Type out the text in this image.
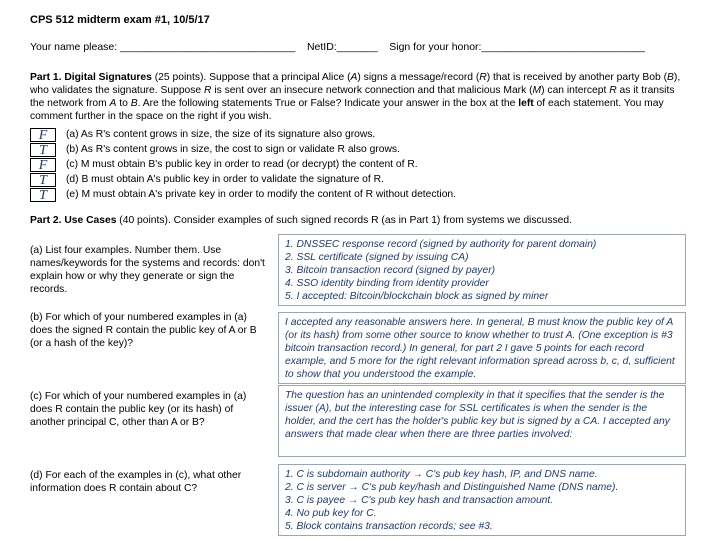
CPS 512 midterm exam #1, 10/5/17
Your name please: ______________________________    NetID:_______    Sign for your honor:____________________________
Part 1. Digital Signatures (25 points). Suppose that a principal Alice (A) signs a message/record (R) that is received by another party Bob (B), who validates the signature. Suppose R is sent over an insecure network connection and that malicious Mark (M) can intercept R as it transits the network from A to B. Are the following statements True or False? Indicate your answer in the box at the left of each statement. You may comment further in the space on the right if you wish.
F	(a) As R's content grows in size, the size of its signature also grows.
T	(b) As R's content grows in size, the cost to sign or validate R also grows.
F	(c) M must obtain B's public key in order to read (or decrypt) the content of R.
T	(d) B must obtain A's public key in order to validate the signature of R.
T	(e) M must obtain A's private key in order to modify the content of R without detection.
Part 2. Use Cases (40 points). Consider examples of such signed records R (as in Part 1) from systems we discussed.
(a) List four examples. Number them. Use names/keywords for the systems and records: don't explain how or why they generate or sign the records.
1. DNSSEC response record (signed by authority for parent domain)
2. SSL certificate (signed by issuing CA)
3. Bitcoin transaction record (signed by payer)
4. SSO identity binding from identity provider
5. I accepted: Bitcoin/blockchain block as signed by miner
(b) For which of your numbered examples in (a) does the signed R contain the public key of A or B (or a hash of the key)?
I accepted any reasonable answers here. In general, B must know the public key of A (or its hash) from some other source to know whether to trust A. (One exception is #3 bitcoin transaction record.) In general, for part 2 I gave 5 points for each record example, and 5 more for the right relevant information spread across b, c, d, sufficient to show that you understood the example.
(c) For which of your numbered examples in (a) does R contain the public key (or its hash) of another principal C, other than A or B?
The question has an unintended complexity in that it specifies that the sender is the issuer (A), but the interesting case for SSL certificates is when the sender is the holder, and the cert has the holder's public key but is signed by a CA. I accepted any answers that made clear when there are three parties involved:
(d) For each of the examples in (c), what other information does R contain about C?
1. C is subdomain authority → C's pub key hash, IP, and DNS name.
2. C is server → C's pub key/hash and Distinguished Name (DNS name).
3. C is payee → C's pub key hash and transaction amount.
4. No pub key for C.
5. Block contains transaction records; see #3.
